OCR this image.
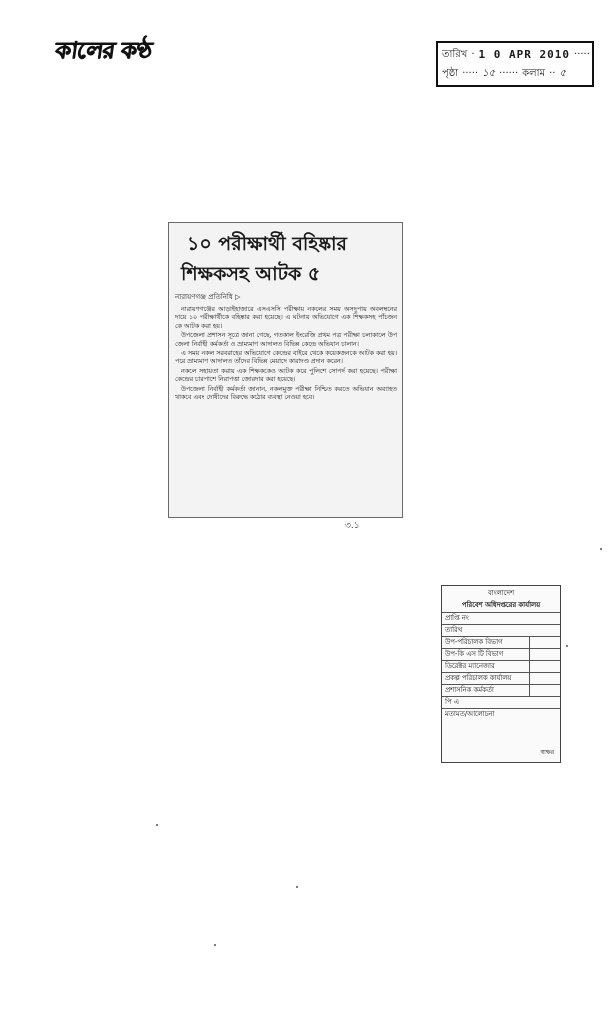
কালের কণ্ঠ	তারিখ · 1 0 APR 2010 ·····
পৃষ্ঠা ····· ১৫ ······ কলাম ·· ৫
১০ পরীক্ষার্থী বহিষ্কার
শিক্ষকসহ আটক ৫
নারায়ণগঞ্জ প্রতিনিধি ▷

নারায়ণগঞ্জের আড়াইহাজারে এসএসসি পরীক্ষায় নকলের সময় অসদুপায় অবলম্বনের দায়ে ১০ পরীক্ষার্থীকে বহিষ্কার করা হয়েছে। এ ঘটনায় অভিযোগে এক শিক্ষকসহ পাঁচজনকে আটক করা হয়।

উপজেলা প্রশাসন সূত্রে জানা গেছে, গতকাল ইংরেজি প্রথম পত্র পরীক্ষা চলাকালে উপজেলা নির্বাহী কর্মকর্তা ও ভ্রাম্যমাণ আদালত বিভিন্ন কেন্দ্রে অভিযান চালান।

এ সময় নকল সরবরাহের অভিযোগে কেন্দ্রের বাইরে থেকে কয়েকজনকে আটক করা হয়। পরে ভ্রাম্যমাণ আদালত তাঁদের বিভিন্ন মেয়াদে কারাদণ্ড প্রদান করেন।

নকলে সহায়তা করায় এক শিক্ষককেও আটক করে পুলিশে সোপর্দ করা হয়েছে। পরীক্ষা কেন্দ্রের চারপাশে নিরাপত্তা জোরদার করা হয়েছে।

উপজেলা নির্বাহী কর্মকর্তা জানান, নকলমুক্ত পরীক্ষা নিশ্চিত করতে অভিযান অব্যাহত থাকবে এবং দোষীদের বিরুদ্ধে কঠোর ব্যবস্থা নেওয়া হবে।

৩.১
বাংলাদেশ
পরিবেশ অধিদপ্তরের কার্যালয়
প্রাপ্তি নং
তারিখ
উপ-পরিচালক বিভাগ
উপ-কি এস টি বিভাগ
ডিরেক্টর ম্যানেজার
প্রকল্প পরিচালক কার্যালয়
প্রশাসনিক কর্মকর্তা
পি এ
মতামত/আলোচনা
স্বাক্ষর
